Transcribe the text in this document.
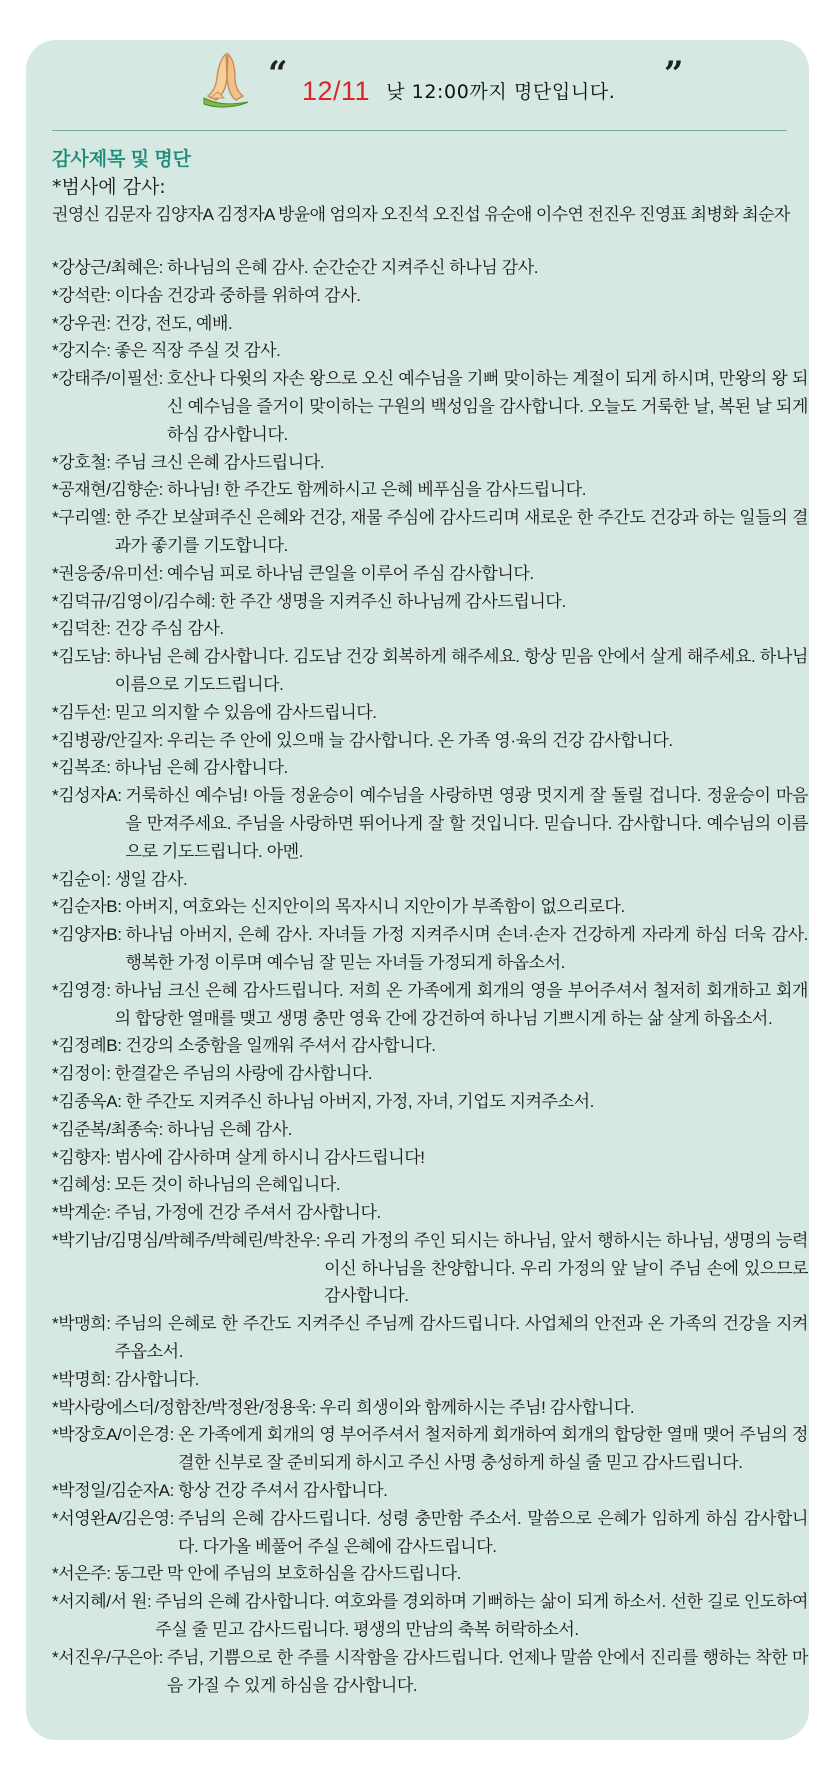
“ 12/11 낮 12:00까지 명단입니다. ”
감사제목 및 명단
*범사에 감사:
권영신 김문자 김양자A 김정자A 방윤애 엄의자 오진석 오진섭 유순애 이수연 전진우 진영표 최병화 최순자
*강상근/최혜은: 하나님의 은혜 감사. 순간순간 지켜주신 하나님 감사.
*강석란: 이다솜 건강과 중하를 위하여 감사.
*강우권: 건강, 전도, 예배.
*강지수: 좋은 직장 주실 것 감사.
*강태주/이필선: 호산나 다윗의 자손 왕으로 오신 예수님을 기뻐 맞이하는 계절이 되게 하시며, 만왕의 왕 되신 예수님을 즐거이 맞이하는 구원의 백성임을 감사합니다. 오늘도 거룩한 날, 복된 날 되게 하심 감사합니다.
*강호철: 주님 크신 은혜 감사드립니다.
*공재현/김향순: 하나님! 한 주간도 함께하시고 은혜 베푸심을 감사드립니다.
*구리엘: 한 주간 보살펴주신 은혜와 건강, 재물 주심에 감사드리며 새로운 한 주간도 건강과 하는 일들의 결과가 좋기를 기도합니다.
*권응중/유미선: 예수님 피로 하나님 큰일을 이루어 주심 감사합니다.
*김덕규/김영이/김수혜: 한 주간 생명을 지켜주신 하나님께 감사드립니다.
*김덕찬: 건강 주심 감사.
*김도남: 하나님 은혜 감사합니다. 김도남 건강 회복하게 해주세요. 항상 믿음 안에서 살게 해주세요. 하나님 이름으로 기도드립니다.
*김두선: 믿고 의지할 수 있음에 감사드립니다.
*김병광/안길자: 우리는 주 안에 있으매 늘 감사합니다. 온 가족 영·육의 건강 감사합니다.
*김복조: 하나님 은혜 감사합니다.
*김성자A: 거룩하신 예수님! 아들 정윤승이 예수님을 사랑하면 영광 멋지게 잘 돌릴 겁니다. 정윤승이 마음을 만져주세요. 주님을 사랑하면 뛰어나게 잘 할 것입니다. 믿습니다. 감사합니다. 예수님의 이름으로 기도드립니다. 아멘.
*김순이: 생일 감사.
*김순자B: 아버지, 여호와는 신지안이의 목자시니 지안이가 부족함이 없으리로다.
*김양자B: 하나님 아버지, 은혜 감사. 자녀들 가정 지켜주시며 손녀·손자 건강하게 자라게 하심 더욱 감사. 행복한 가정 이루며 예수님 잘 믿는 자녀들 가정되게 하옵소서.
*김영경: 하나님 크신 은혜 감사드립니다. 저희 온 가족에게 회개의 영을 부어주셔서 철저히 회개하고 회개의 합당한 열매를 맺고 생명 충만 영육 간에 강건하여 하나님 기쁘시게 하는 삶 살게 하옵소서.
*김정례B: 건강의 소중함을 일깨워 주셔서 감사합니다.
*김정이: 한결같은 주님의 사랑에 감사합니다.
*김종옥A: 한 주간도 지켜주신 하나님 아버지, 가정, 자녀, 기업도 지켜주소서.
*김준복/최종숙: 하나님 은혜 감사.
*김향자: 범사에 감사하며 살게 하시니 감사드립니다!
*김혜성: 모든 것이 하나님의 은혜입니다.
*박계순: 주님, 가정에 건강 주셔서 감사합니다.
*박기남/김명심/박혜주/박혜린/박찬우: 우리 가정의 주인 되시는 하나님, 앞서 행하시는 하나님, 생명의 능력이신 하나님을 찬양합니다. 우리 가정의 앞 날이 주님 손에 있으므로 감사합니다.
*박맹희: 주님의 은혜로 한 주간도 지켜주신 주님께 감사드립니다. 사업체의 안전과 온 가족의 건강을 지켜주옵소서.
*박명희: 감사합니다.
*박사랑에스더/정함찬/박정완/정용욱: 우리 희생이와 함께하시는 주님! 감사합니다.
*박장호A/이은경: 온 가족에게 회개의 영 부어주셔서 철저하게 회개하여 회개의 합당한 열매 맺어 주님의 정결한 신부로 잘 준비되게 하시고 주신 사명 충성하게 하실 줄 믿고 감사드립니다.
*박정일/김순자A: 항상 건강 주셔서 감사합니다.
*서영완A/김은영: 주님의 은혜 감사드립니다. 성령 충만함 주소서. 말씀으로 은혜가 임하게 하심 감사합니다. 다가올 베풀어 주실 은혜에 감사드립니다.
*서은주: 동그란 막 안에 주님의 보호하심을 감사드립니다.
*서지혜/서 원: 주님의 은혜 감사합니다. 여호와를 경외하며 기뻐하는 삶이 되게 하소서. 선한 길로 인도하여 주실 줄 믿고 감사드립니다. 평생의 만남의 축복 허락하소서.
*서진우/구은아: 주님, 기쁨으로 한 주를 시작함을 감사드립니다. 언제나 말씀 안에서 진리를 행하는 착한 마음 가질 수 있게 하심을 감사합니다.
